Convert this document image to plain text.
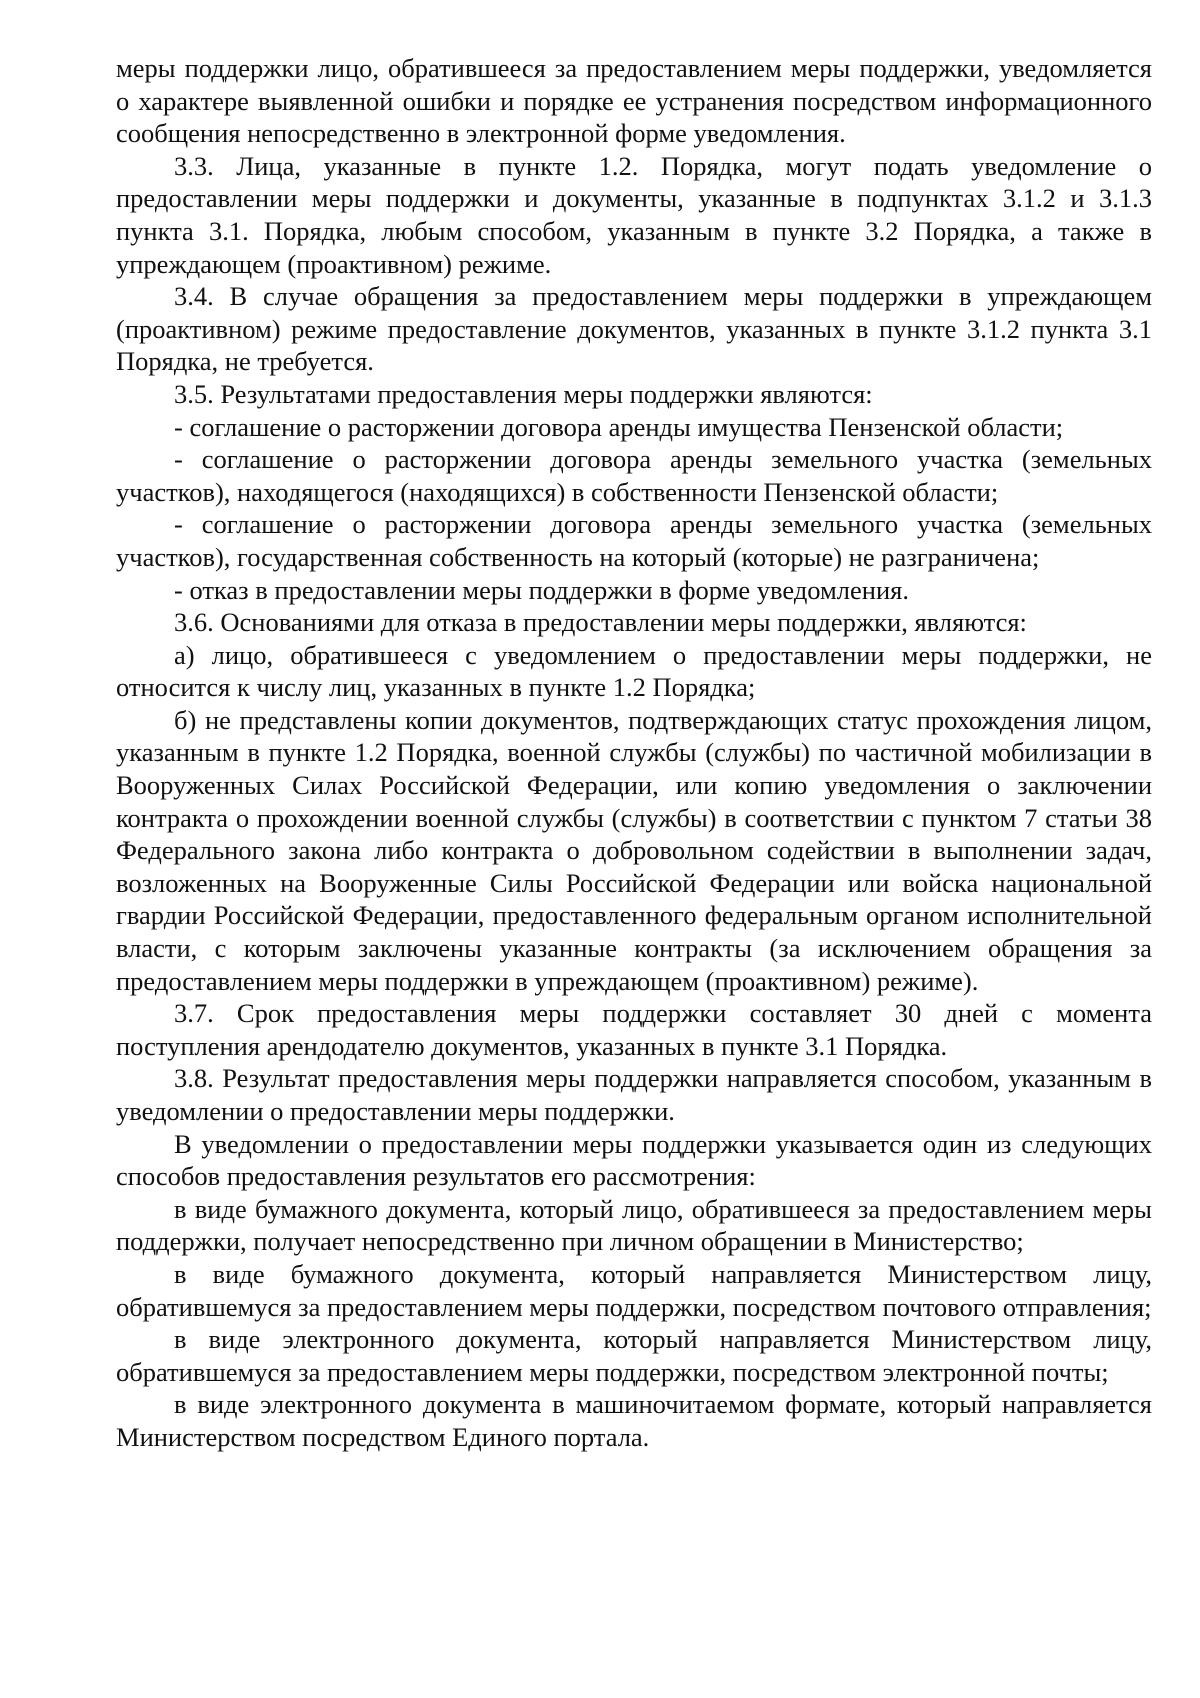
меры поддержки лицо, обратившееся за предоставлением меры поддержки, уведомляется о характере выявленной ошибки и порядке ее устранения посредством информационного сообщения непосредственно в электронной форме уведомления.

3.3. Лица, указанные в пункте 1.2. Порядка, могут подать уведомление о предоставлении меры поддержки и документы, указанные в подпунктах 3.1.2 и 3.1.3 пункта 3.1. Порядка, любым способом, указанным в пункте 3.2 Порядка, а также в упреждающем (проактивном) режиме.

3.4. В случае обращения за предоставлением меры поддержки в упреждающем (проактивном) режиме предоставление документов, указанных в пункте 3.1.2 пункта 3.1 Порядка, не требуется.

3.5. Результатами предоставления меры поддержки являются:

- соглашение о расторжении договора аренды имущества Пензенской области;

- соглашение о расторжении договора аренды земельного участка (земельных участков), находящегося (находящихся) в собственности Пензенской области;

- соглашение о расторжении договора аренды земельного участка (земельных участков), государственная собственность на который (которые) не разграничена;

- отказ в предоставлении меры поддержки в форме уведомления.

3.6. Основаниями для отказа в предоставлении меры поддержки, являются:

а) лицо, обратившееся с уведомлением о предоставлении меры поддержки, не относится к числу лиц, указанных в пункте 1.2 Порядка;

б) не представлены копии документов, подтверждающих статус прохождения лицом, указанным в пункте 1.2 Порядка, военной службы (службы) по частичной мобилизации в Вооруженных Силах Российской Федерации, или копию уведомления о заключении контракта о прохождении военной службы (службы) в соответствии с пунктом 7 статьи 38 Федерального закона либо контракта о добровольном содействии в выполнении задач, возложенных на Вооруженные Силы Российской Федерации или войска национальной гвардии Российской Федерации, предоставленного федеральным органом исполнительной власти, с которым заключены указанные контракты (за исключением обращения за предоставлением меры поддержки в упреждающем (проактивном) режиме).

3.7. Срок предоставления меры поддержки составляет 30 дней с момента поступления арендодателю документов, указанных в пункте 3.1 Порядка.

3.8. Результат предоставления меры поддержки направляется способом, указанным в уведомлении о предоставлении меры поддержки.

В уведомлении о предоставлении меры поддержки указывается один из следующих способов предоставления результатов его рассмотрения:

в виде бумажного документа, который лицо, обратившееся за предоставлением меры поддержки, получает непосредственно при личном обращении в Министерство;

в виде бумажного документа, который направляется Министерством лицу, обратившемуся за предоставлением меры поддержки, посредством почтового отправления;

в виде электронного документа, который направляется Министерством лицу, обратившемуся за предоставлением меры поддержки, посредством электронной почты;

в виде электронного документа в машиночитаемом формате, который направляется Министерством посредством Единого портала.
